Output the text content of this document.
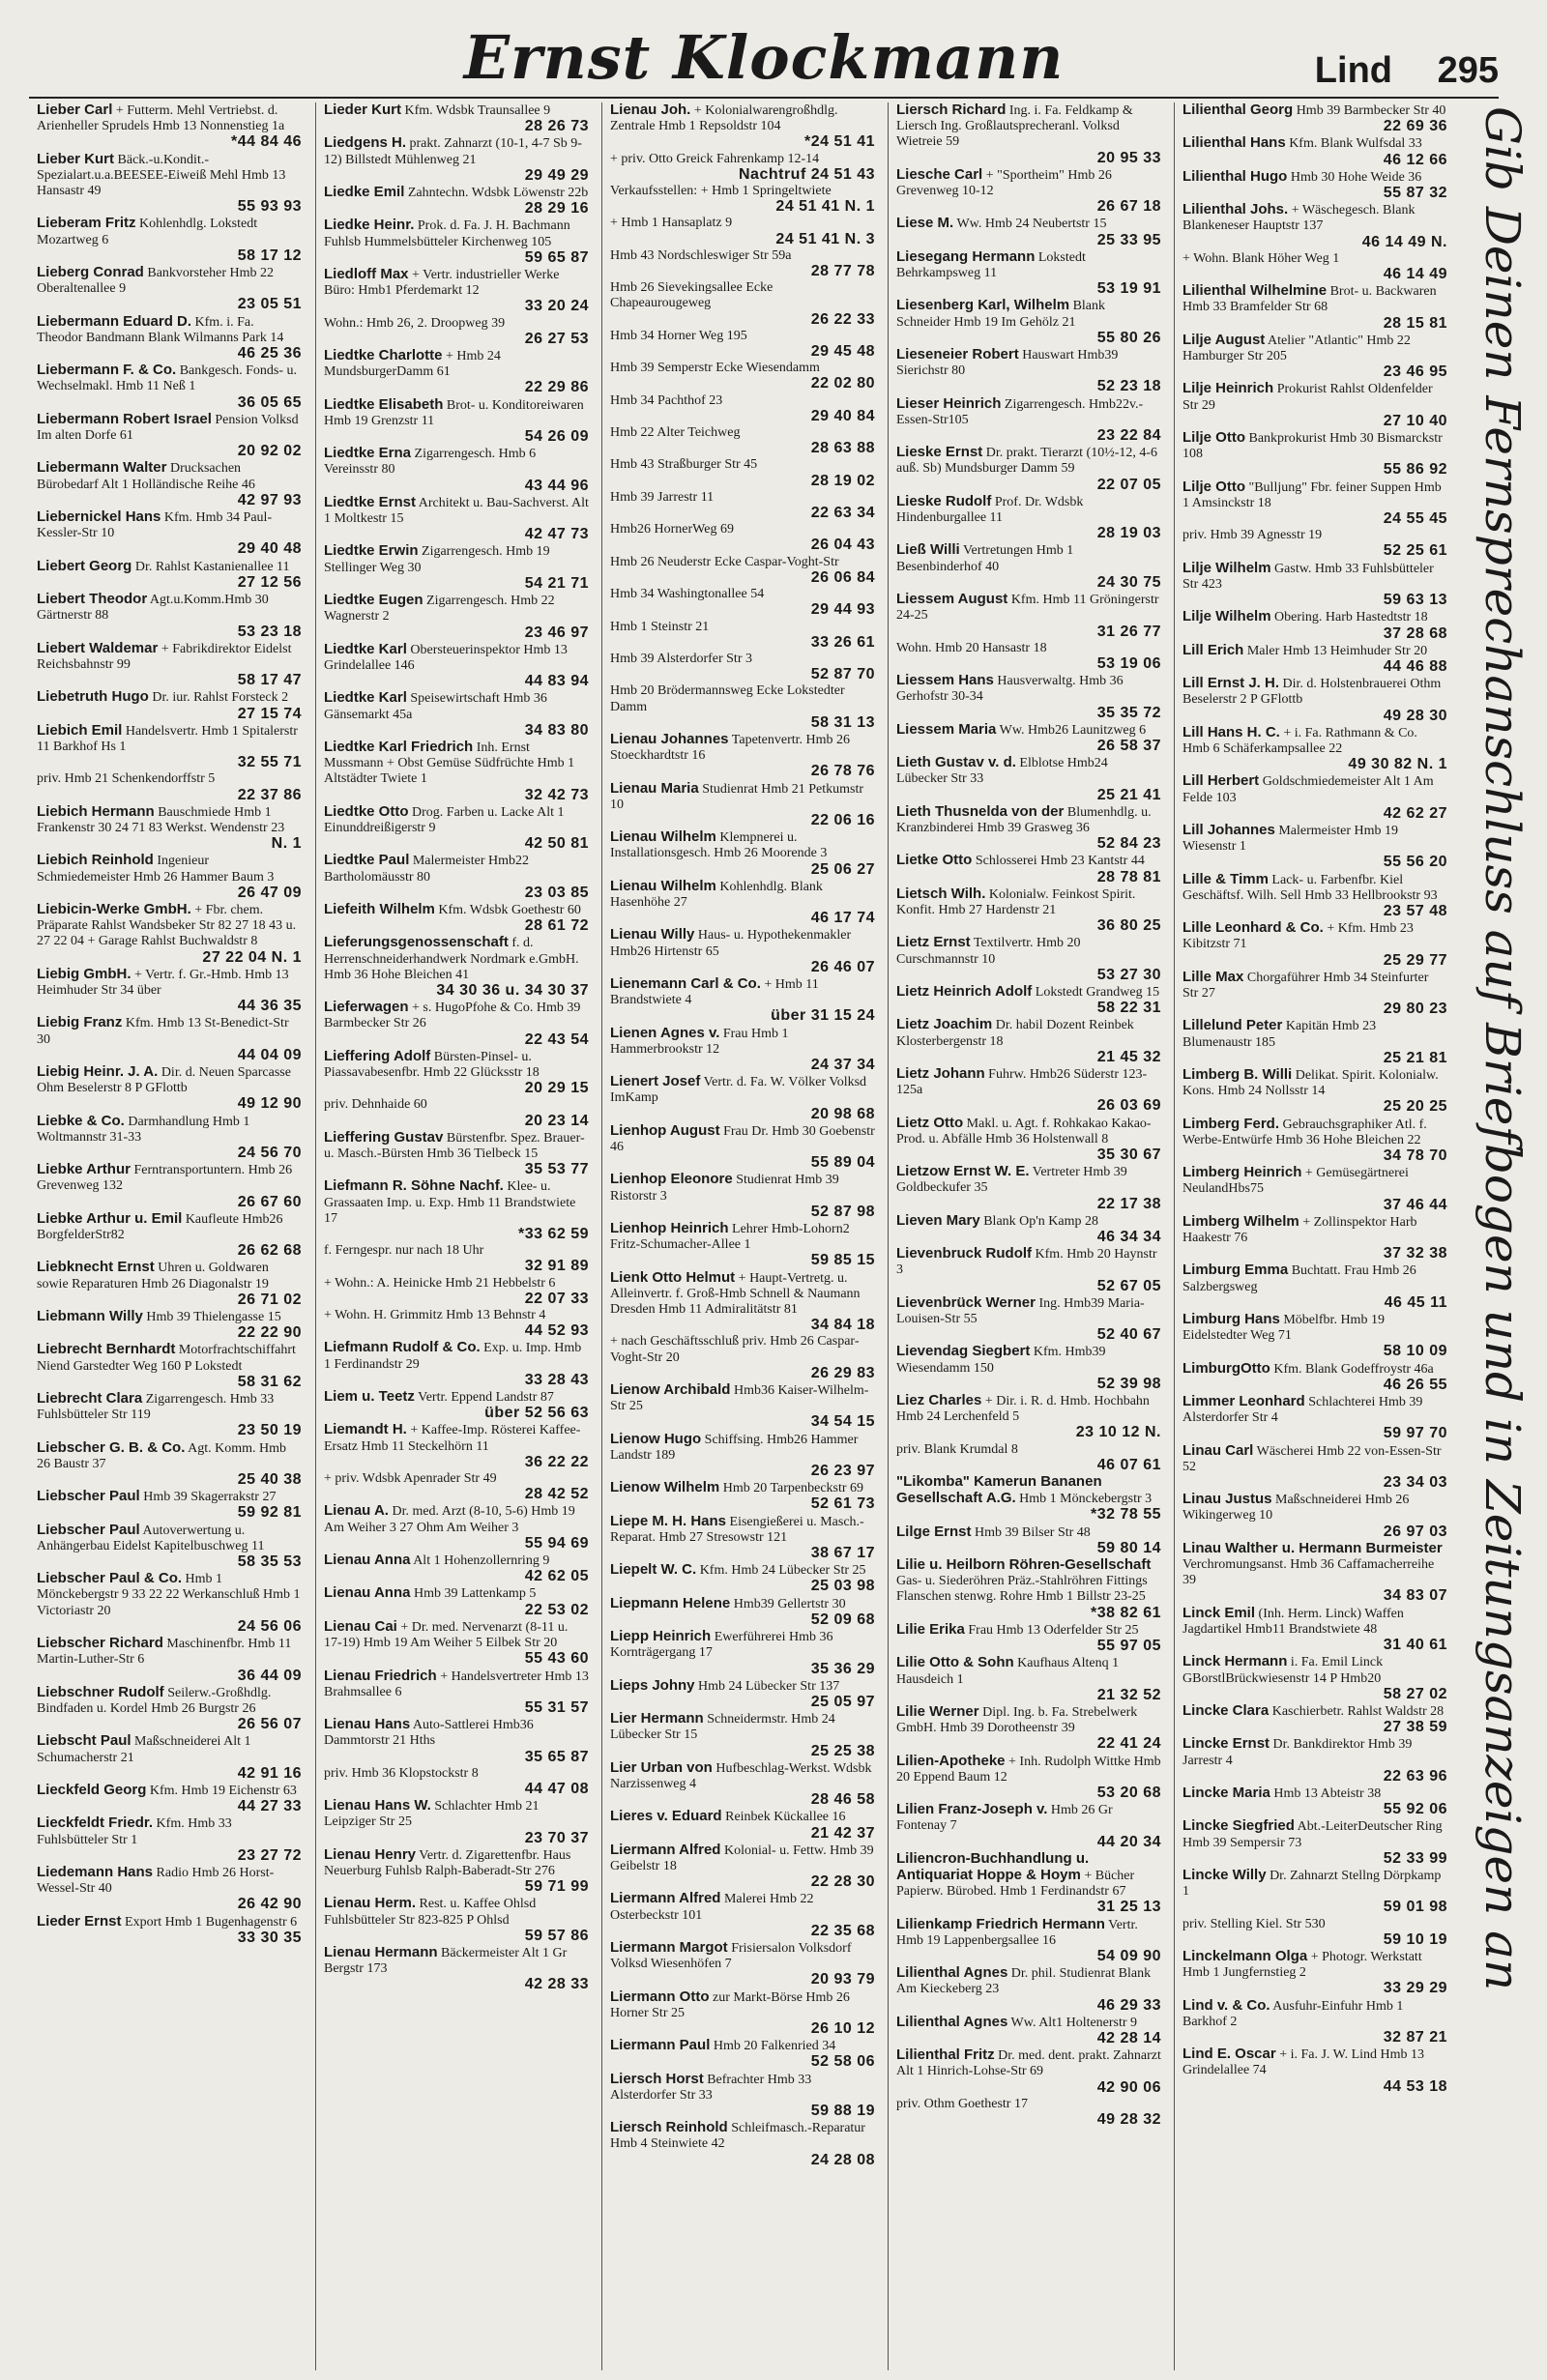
Ernst Klockmann	Lind 295
Lieber Carl + Futterm. Mehl Vertriebst. d. Arienheller Sprudels Hmb 13 Nonnenstieg 1a
*44 84 46
Lieber Kurt Bäck.-u.Kondit.-Spezialart.u.a.BEESEE-Eiweiß Mehl Hmb 13 Hansastr 49
55 93 93
Lieberam Fritz Kohlenhdlg. Lokstedt Mozartweg 6
58 17 12
Lieberg Conrad Bankvorsteher Hmb 22 Oberaltenallee 9
23 05 51
Liebermann Eduard D. Kfm. i. Fa. Theodor Bandmann Blank Wilmanns Park 14
46 25 36
Liebermann F. & Co. Bankgesch. Fonds- u. Wechselmakl. Hmb 11 Neß 1
36 05 65
Liebermann Robert Israel Pension Volksd Im alten Dorfe 61
20 92 02
Liebermann Walter Drucksachen Bürobedarf Alt 1 Holländische Reihe 46
42 97 93
Liebernickel Hans Kfm. Hmb 34 Paul-Kessler-Str 10
29 40 48
Liebert Georg Dr. Rahlst Kastanienallee 11
27 12 56
Liebert Theodor Agt.u.Komm.Hmb 30 Gärtnerstr 88
53 23 18
Liebert Waldemar + Fabrikdirektor Eidelst Reichsbahnstr 99
58 17 47
Liebetruth Hugo Dr. iur. Rahlst Forsteck 2
27 15 74
Liebich Emil Handelsvertr. Hmb 1 Spitalerstr 11 Barkhof Hs 1
32 55 71
priv. Hmb 21 Schenkendorffstr 5
22 37 86
Liebich Hermann Bauschmiede Hmb 1 Frankenstr 30 24 71 83 Werkst. Wendenstr 23
N. 1
Liebich Reinhold Ingenieur Schmiedemeister Hmb 26 Hammer Baum 3
26 47 09
Liebicin-Werke GmbH. + Fbr. chem. Präparate Rahlst Wandsbeker Str 82 27 18 43 u. 27 22 04 + Garage Rahlst Buchwaldstr 8
27 22 04 N. 1
Liebig GmbH. + Vertr. f. Gr.-Hmb. Hmb 13 Heimhuder Str 34 über
44 36 35
Liebig Franz Kfm. Hmb 13 St-Benedict-Str 30
44 04 09
Liebig Heinr. J. A. Dir. d. Neuen Sparcasse Ohm Beselerstr 8 P GFlottb
49 12 90
Liebke & Co. Darmhandlung Hmb 1 Woltmannstr 31-33
24 56 70
Liebke Arthur Ferntransportuntern. Hmb 26 Grevenweg 132
26 67 60
Liebke Arthur u. Emil Kaufleute Hmb26 BorgfelderStr82
26 62 68
Liebknecht Ernst Uhren u. Goldwaren sowie Reparaturen Hmb 26 Diagonalstr 19
26 71 02
Liebmann Willy Hmb 39 Thielengasse 15
22 22 90
Liebrecht Bernhardt Motorfrachtschiffahrt Niend Garstedter Weg 160 P Lokstedt
58 31 62
Liebrecht Clara Zigarrengesch. Hmb 33 Fuhlsbütteler Str 119
23 50 19
Liebscher G. B. & Co. Agt. Komm. Hmb 26 Baustr 37
25 40 38
Liebscher Paul Hmb 39 Skagerrakstr 27
59 92 81
Liebscher Paul Autoverwertung u. Anhängerbau Eidelst Kapitelbuschweg 11
58 35 53
Liebscher Paul & Co. Hmb 1 Mönckebergstr 9 33 22 22 Werkanschluß Hmb 1 Victoriastr 20
24 56 06
Liebscher Richard Maschinenfbr. Hmb 11 Martin-Luther-Str 6
36 44 09
Liebschner Rudolf Seilerw.-Großhdlg. Bindfaden u. Kordel Hmb 26 Burgstr 26
26 56 07
Liebscht Paul Maßschneiderei Alt 1 Schumacherstr 21
42 91 16
Lieckfeld Georg Kfm. Hmb 19 Eichenstr 63
44 27 33
Lieckfeldt Friedr. Kfm. Hmb 33 Fuhlsbütteler Str 1
23 27 72
Liedemann Hans Radio Hmb 26 Horst-Wessel-Str 40
26 42 90
Lieder Ernst Export Hmb 1 Bugenhagenstr 6
33 30 35
Lieder Kurt Kfm. Wdsbk Traunsallee 9
28 26 73
Liedgens H. prakt. Zahnarzt (10-1, 4-7 Sb 9-12) Billstedt Mühlenweg 21
29 49 29
Liedke Emil Zahntechn. Wdsbk Löwenstr 22b
28 29 16
Liedke Heinr. Prok. d. Fa. J. H. Bachmann Fuhlsb Hummelsbütteler Kirchenweg 105
59 65 87
Liedloff Max + Vertr. industrieller Werke Büro: Hmb1 Pferdemarkt 12
33 20 24
Wohn.: Hmb 26, 2. Droopweg 39
26 27 53
Liedtke Charlotte + Hmb 24 MundsburgerDamm 61
22 29 86
Liedtke Elisabeth Brot- u. Konditoreiwaren Hmb 19 Grenzstr 11
54 26 09
Liedtke Erna Zigarrengesch. Hmb 6 Vereinsstr 80
43 44 96
Liedtke Ernst Architekt u. Bau-Sachverst. Alt 1 Moltkestr 15
42 47 73
Liedtke Erwin Zigarrengesch. Hmb 19 Stellinger Weg 30
54 21 71
Liedtke Eugen Zigarrengesch. Hmb 22 Wagnerstr 2
23 46 97
Liedtke Karl Obersteuerinspektor Hmb 13 Grindelallee 146
44 83 94
Liedtke Karl Speisewirtschaft Hmb 36 Gänsemarkt 45a
34 83 80
Liedtke Karl Friedrich Inh. Ernst Mussmann + Obst Gemüse Südfrüchte Hmb 1 Altstädter Twiete 1
32 42 73
Liedtke Otto Drog. Farben u. Lacke Alt 1 Einunddreißigerstr 9
42 50 81
Liedtke Paul Malermeister Hmb22 Bartholomäusstr 80
23 03 85
Liefeith Wilhelm Kfm. Wdsbk Goethestr 60
28 61 72
Lieferungsgenossenschaft f. d. Herrenschneiderhandwerk Nordmark e.GmbH. Hmb 36 Hohe Bleichen 41
34 30 36 u. 34 30 37
Lieferwagen + s. HugoPfohe & Co. Hmb 39 Barmbecker Str 26
22 43 54
Lieffering Adolf Bürsten-Pinsel- u. Piassavabesenfbr. Hmb 22 Glücksstr 18
20 29 15
priv. Dehnhaide 60
20 23 14
Lieffering Gustav Bürstenfbr. Spez. Brauer- u. Masch.-Bürsten Hmb 36 Tielbeck 15
35 53 77
Liefmann R. Söhne Nachf. Klee- u. Grassaaten Imp. u. Exp. Hmb 11 Brandstwiete 17
*33 62 59
f. Ferngespr. nur nach 18 Uhr
32 91 89
+ Wohn.: A. Heinicke Hmb 21 Hebbelstr 6
22 07 33
+ Wohn. H. Grimmitz Hmb 13 Behnstr 4
44 52 93
Liefmann Rudolf & Co. Exp. u. Imp. Hmb 1 Ferdinandstr 29
33 28 43
Liem u. Teetz Vertr. Eppend Landstr 87
über 52 56 63
Liemandt H. + Kaffee-Imp. Rösterei Kaffee-Ersatz Hmb 11 Steckelhörn 11
36 22 22
+ priv. Wdsbk Apenrader Str 49
28 42 52
Lienau A. Dr. med. Arzt (8-10, 5-6) Hmb 19 Am Weiher 3 27 Ohm Am Weiher 3
55 94 69
Lienau Anna Alt 1 Hohenzollernring 9
42 62 05
Lienau Anna Hmb 39 Lattenkamp 5
22 53 02
Lienau Cai + Dr. med. Nervenarzt (8-11 u. 17-19) Hmb 19 Am Weiher 5 Eilbek Str 20
55 43 60
Lienau Friedrich + Handelsvertreter Hmb 13 Brahmsallee 6
55 31 57
Lienau Hans Auto-Sattlerei Hmb36 Dammtorstr 21 Hths
35 65 87
priv. Hmb 36 Klopstockstr 8
44 47 08
Lienau Hans W. Schlachter Hmb 21 Leipziger Str 25
23 70 37
Lienau Henry Vertr. d. Zigarettenfbr. Haus Neuerburg Fuhlsb Ralph-Baberadt-Str 276
59 71 99
Lienau Herm. Rest. u. Kaffee Ohlsd Fuhlsbütteler Str 823-825 P Ohlsd
59 57 86
Lienau Hermann Bäckermeister Alt 1 Gr Bergstr 173
42 28 33
Lienau Joh. + Kolonialwarengroßhdlg. Zentrale Hmb 1 Repsoldstr 104
*24 51 41
+ priv. Otto Greick Fahrenkamp 12-14
Nachtruf 24 51 43
Verkaufsstellen: + Hmb 1 Springeltwiete
24 51 41 N. 1
+ Hmb 1 Hansaplatz 9
24 51 41 N. 3
Hmb 43 Nordschleswiger Str 59a
28 77 78
Hmb 26 Sievekingsallee Ecke Chapeaurougeweg
26 22 33
Hmb 34 Horner Weg 195
29 45 48
Hmb 39 Semperstr Ecke Wiesendamm
22 02 80
Hmb 34 Pachthof 23
29 40 84
Hmb 22 Alter Teichweg
28 63 88
Hmb 43 Straßburger Str 45
28 19 02
Hmb 39 Jarrestr 11
22 63 34
Hmb26 HornerWeg 69
26 04 43
Hmb 26 Neuderstr Ecke Caspar-Voght-Str
26 06 84
Hmb 34 Washingtonallee 54
29 44 93
Hmb 1 Steinstr 21
33 26 61
Hmb 39 Alsterdorfer Str 3
52 87 70
Hmb 20 Brödermannsweg Ecke Lokstedter Damm
58 31 13
Lienau Johannes Tapetenvertr. Hmb 26 Stoeckhardtstr 16
26 78 76
Lienau Maria Studienrat Hmb 21 Petkumstr 10
22 06 16
Lienau Wilhelm Klempnerei u. Installationsgesch. Hmb 26 Moorende 3
25 06 27
Lienau Wilhelm Kohlenhdlg. Blank Hasenhöhe 27
46 17 74
Lienau Willy Haus- u. Hypothekenmakler Hmb26 Hirtenstr 65
26 46 07
Lienemann Carl & Co. + Hmb 11 Brandstwiete 4
über 31 15 24
Lienen Agnes v. Frau Hmb 1 Hammerbrookstr 12
24 37 34
Lienert Josef Vertr. d. Fa. W. Völker Volksd ImKamp
20 98 68
Lienhop August Frau Dr. Hmb 30 Goebenstr 46
55 89 04
Lienhop Eleonore Studienrat Hmb 39 Ristorstr 3
52 87 98
Lienhop Heinrich Lehrer Hmb-Lohorn2 Fritz-Schumacher-Allee 1
59 85 15
Lienk Otto Helmut + Haupt-Vertretg. u. Alleinvertr. f. Groß-Hmb Schnell & Naumann Dresden Hmb 11 Admiralitätstr 81
34 84 18
+ nach Geschäftsschluß priv. Hmb 26 Caspar-Voght-Str 20
26 29 83
Lienow Archibald Hmb36 Kaiser-Wilhelm-Str 25
34 54 15
Lienow Hugo Schiffsing. Hmb26 Hammer Landstr 189
26 23 97
Lienow Wilhelm Hmb 20 Tarpenbeckstr 69
52 61 73
Liepe M. H. Hans Eisengießerei u. Masch.-Reparat. Hmb 27 Stresowstr 121
38 67 17
Liepelt W. C. Kfm. Hmb 24 Lübecker Str 25
25 03 98
Liepmann Helene Hmb39 Gellertstr 30
52 09 68
Liepp Heinrich Ewerführerei Hmb 36 Kornträgergang 17
35 36 29
Lieps Johny Hmb 24 Lübecker Str 137
25 05 97
Lier Hermann Schneidermstr. Hmb 24 Lübecker Str 15
25 25 38
Lier Urban von Hufbeschlag-Werkst. Wdsbk Narzissenweg 4
28 46 58
Lieres v. Eduard Reinbek Kückallee 16
21 42 37
Liermann Alfred Kolonial- u. Fettw. Hmb 39 Geibelstr 18
22 28 30
Liermann Alfred Malerei Hmb 22 Osterbeckstr 101
22 35 68
Liermann Margot Frisiersalon Volksdorf Volksd Wiesenhöfen 7
20 93 79
Liermann Otto zur Markt-Börse Hmb 26 Horner Str 25
26 10 12
Liermann Paul Hmb 20 Falkenried 34
52 58 06
Liersch Horst Befrachter Hmb 33 Alsterdorfer Str 33
59 88 19
Liersch Reinhold Schleifmasch.-Reparatur Hmb 4 Steinwiete 42
24 28 08
Liersch Richard Ing. i. Fa. Feldkamp & Liersch Ing. Großlautsprecheranl. Volksd Wietreie 59
20 95 33
Liesche Carl + "Sportheim" Hmb 26 Grevenweg 10-12
26 67 18
Liese M. Ww. Hmb 24 Neubertstr 15
25 33 95
Liesegang Hermann Lokstedt Behrkampsweg 11
53 19 91
Liesenberg Karl, Wilhelm Blank Schneider Hmb 19 Im Gehölz 21
55 80 26
Lieseneier Robert Hauswart Hmb39 Sierichstr 80
52 23 18
Lieser Heinrich Zigarrengesch. Hmb22v.-Essen-Str105
23 22 84
Lieske Ernst Dr. prakt. Tierarzt (10½-12, 4-6 auß. Sb) Mundsburger Damm 59
22 07 05
Lieske Rudolf Prof. Dr. Wdsbk Hindenburgallee 11
28 19 03
Ließ Willi Vertretungen Hmb 1 Besenbinderhof 40
24 30 75
Liessem August Kfm. Hmb 11 Gröningerstr 24-25
31 26 77
Wohn. Hmb 20 Hansastr 18
53 19 06
Liessem Hans Hausverwaltg. Hmb 36 Gerhofstr 30-34
35 35 72
Liessem Maria Ww. Hmb26 Launitzweg 6
26 58 37
Lieth Gustav v. d. Elblotse Hmb24 Lübecker Str 33
25 21 41
Lieth Thusnelda von der Blumenhdlg. u. Kranzbinderei Hmb 39 Grasweg 36
52 84 23
Lietke Otto Schlosserei Hmb 23 Kantstr 44
28 78 81
Lietsch Wilh. Kolonialw. Feinkost Spirit. Konfit. Hmb 27 Hardenstr 21
36 80 25
Lietz Ernst Textilvertr. Hmb 20 Curschmannstr 10
53 27 30
Lietz Heinrich Adolf Lokstedt Grandweg 15
58 22 31
Lietz Joachim Dr. habil Dozent Reinbek Klosterbergenstr 18
21 45 32
Lietz Johann Fuhrw. Hmb26 Süderstr 123-125a
26 03 69
Lietz Otto Makl. u. Agt. f. Rohkakao Kakao-Prod. u. Abfälle Hmb 36 Holstenwall 8
35 30 67
Lietzow Ernst W. E. Vertreter Hmb 39 Goldbeckufer 35
22 17 38
Lieven Mary Blank Op'n Kamp 28
46 34 34
Lievenbruck Rudolf Kfm. Hmb 20 Haynstr 3
52 67 05
Lievenbrück Werner Ing. Hmb39 Maria-Louisen-Str 55
52 40 67
Lievendag Siegbert Kfm. Hmb39 Wiesendamm 150
52 39 98
Liez Charles + Dir. i. R. d. Hmb. Hochbahn Hmb 24 Lerchenfeld 5
23 10 12 N.
priv. Blank Krumdal 8
46 07 61
"Likomba" Kamerun Bananen Gesellschaft A.G. Hmb 1 Mönckebergstr 3
*32 78 55
Lilge Ernst Hmb 39 Bilser Str 48
59 80 14
Lilie u. Heilborn Röhren-Gesellschaft Gas- u. Siederöhren Präz.-Stahlröhren Fittings Flanschen stenwg. Rohre Hmb 1 Billstr 23-25
*38 82 61
Lilie Erika Frau Hmb 13 Oderfelder Str 25
55 97 05
Lilie Otto & Sohn Kaufhaus Altenq 1 Hausdeich 1
21 32 52
Lilie Werner Dipl. Ing. b. Fa. Strebelwerk GmbH. Hmb 39 Dorotheenstr 39
22 41 24
Lilien-Apotheke + Inh. Rudolph Wittke Hmb 20 Eppend Baum 12
53 20 68
Lilien Franz-Joseph v. Hmb 26 Gr Fontenay 7
44 20 34
Liliencron-Buchhandlung u. Antiquariat Hoppe & Hoym + Bücher Papierw. Bürobed. Hmb 1 Ferdinandstr 67
31 25 13
Lilienkamp Friedrich Hermann Vertr. Hmb 19 Lappenbergsallee 16
54 09 90
Lilienthal Agnes Dr. phil. Studienrat Blank Am Kieckeberg 23
46 29 33
Lilienthal Agnes Ww. Alt1 Holtenerstr 9
42 28 14
Lilienthal Fritz Dr. med. dent. prakt. Zahnarzt Alt 1 Hinrich-Lohse-Str 69
42 90 06
priv. Othm Goethestr 17
49 28 32
Lilienthal Georg Hmb 39 Barmbecker Str 40
22 69 36
Lilienthal Hans Kfm. Blank Wulfsdal 33
46 12 66
Lilienthal Hugo Hmb 30 Hohe Weide 36
55 87 32
Lilienthal Johs. + Wäschegesch. Blank Blankeneser Hauptstr 137
46 14 49 N.
+ Wohn. Blank Höher Weg 1
46 14 49
Lilienthal Wilhelmine Brot- u. Backwaren Hmb 33 Bramfelder Str 68
28 15 81
Lilje August Atelier "Atlantic" Hmb 22 Hamburger Str 205
23 46 95
Lilje Heinrich Prokurist Rahlst Oldenfelder Str 29
27 10 40
Lilje Otto Bankprokurist Hmb 30 Bismarckstr 108
55 86 92
Lilje Otto "Bulljung" Fbr. feiner Suppen Hmb 1 Amsinckstr 18
24 55 45
priv. Hmb 39 Agnesstr 19
52 25 61
Lilje Wilhelm Gastw. Hmb 33 Fuhlsbütteler Str 423
59 63 13
Lilje Wilhelm Obering. Harb Hastedtstr 18
37 28 68
Lill Erich Maler Hmb 13 Heimhuder Str 20
44 46 88
Lill Ernst J. H. Dir. d. Holstenbrauerei Othm Beselerstr 2 P GFlottb
49 28 30
Lill Hans H. C. + i. Fa. Rathmann & Co. Hmb 6 Schäferkampsallee 22
49 30 82 N. 1
Lill Herbert Goldschmiedemeister Alt 1 Am Felde 103
42 62 27
Lill Johannes Malermeister Hmb 19 Wiesenstr 1
55 56 20
Lille & Timm Lack- u. Farbenfbr. Kiel Geschäftsf. Wilh. Sell Hmb 33 Hellbrookstr 93
23 57 48
Lille Leonhard & Co. + Kfm. Hmb 23 Kibitzstr 71
25 29 77
Lille Max Chorgaführer Hmb 34 Steinfurter Str 27
29 80 23
Lillelund Peter Kapitän Hmb 23 Blumenaustr 185
25 21 81
Limberg B. Willi Delikat. Spirit. Kolonialw. Kons. Hmb 24 Nollsstr 14
25 20 25
Limberg Ferd. Gebrauchsgraphiker Atl. f. Werbe-Entwürfe Hmb 36 Hohe Bleichen 22
34 78 70
Limberg Heinrich + Gemüsegärtnerei NeulandHbs75
37 46 44
Limberg Wilhelm + Zollinspektor Harb Haakestr 76
37 32 38
Limburg Emma Buchtatt. Frau Hmb 26 Salzbergsweg
46 45 11
Limburg Hans Möbelfbr. Hmb 19 Eidelstedter Weg 71
58 10 09
LimburgOtto Kfm. Blank Godeffroystr 46a
46 26 55
Limmer Leonhard Schlachterei Hmb 39 Alsterdorfer Str 4
59 97 70
Linau Carl Wäscherei Hmb 22 von-Essen-Str 52
23 34 03
Linau Justus Maßschneiderei Hmb 26 Wikingerweg 10
26 97 03
Linau Walther u. Hermann Burmeister Verchromungsanst. Hmb 36 Caffamacherreihe 39
34 83 07
Linck Emil (Inh. Herm. Linck) Waffen Jagdartikel Hmb11 Brandstwiete 48
31 40 61
Linck Hermann i. Fa. Emil Linck GBorstlBrückwiesenstr 14 P Hmb20
58 27 02
Lincke Clara Kaschierbetr. Rahlst Waldstr 28
27 38 59
Lincke Ernst Dr. Bankdirektor Hmb 39 Jarrestr 4
22 63 96
Lincke Maria Hmb 13 Abteistr 38
55 92 06
Lincke Siegfried Abt.-LeiterDeutscher Ring Hmb 39 Sempersir 73
52 33 99
Lincke Willy Dr. Zahnarzt Stellng Dörpkamp 1
59 01 98
priv. Stelling Kiel. Str 530
59 10 19
Linckelmann Olga + Photogr. Werkstatt Hmb 1 Jungfernstieg 2
33 29 29
Lind v. & Co. Ausfuhr-Einfuhr Hmb 1 Barkhof 2
32 87 21
Lind E. Oscar + i. Fa. J. W. Lind Hmb 13 Grindelallee 74
44 53 18
Gib Deinen Fernsprechanschluss auf Briefbogen und in Zeitungsanzeigen an
